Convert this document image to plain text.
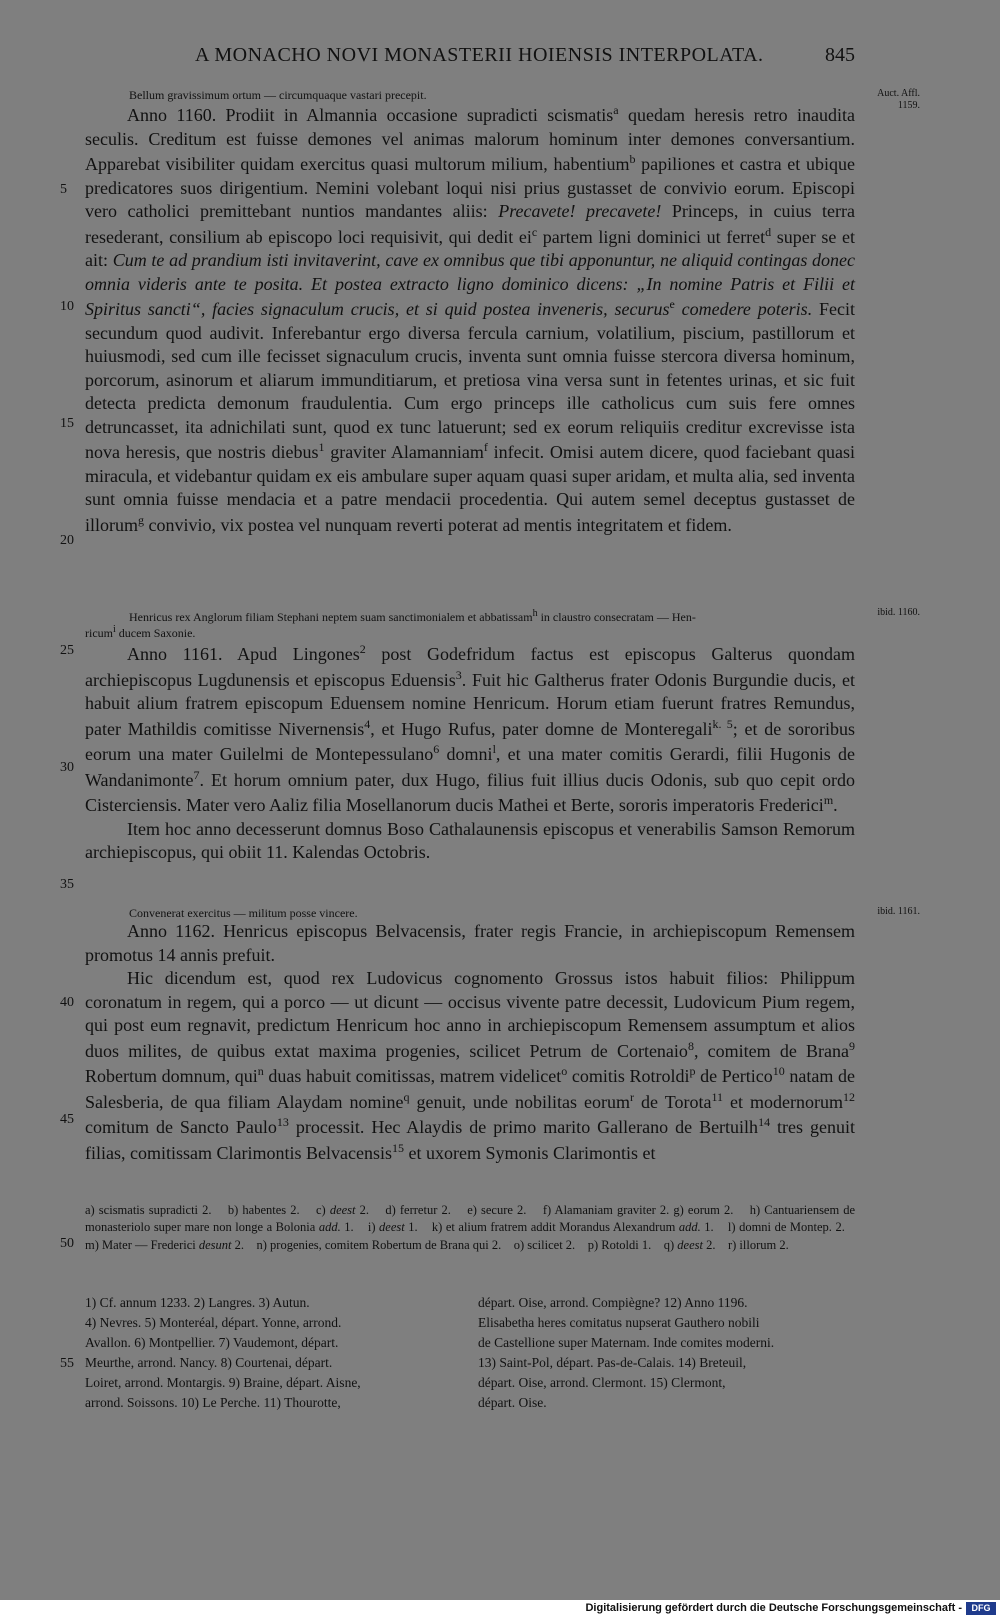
A MONACHO NOVI MONASTERII HOIENSIS INTERPOLATA.	845
Auct. Affl.
1159.
ibid. 1160.
ibid. 1161.
5
10
15
20
25
30
35
40
45
50
55
Bellum gravissimum ortum — circumquaque vastari precepit.

Anno 1160. Prodiit in Almannia occasione supradicti scismatis$^a$ quedam heresis retro inaudita seculis. Creditum est fuisse demones vel animas malorum hominum inter demones conversantium. Apparebat visibiliter quidam exercitus quasi multorum milium, habentium$^b$ papiliones et castra et ubique predicatores suos dirigentium. Nemini volebant loqui nisi prius gustasset de convivio eorum. Episcopi vero catholici premittebant nuntios mandantes aliis: Precavete! precavete! Princeps, in cuius terra resederant, consilium ab episcopo loci requisivit, qui dedit $ei^c$ partem ligni dominici ut ferret$^d$ super se et ait: Cum te ad prandium isti invitaverint, cave ex omnibus que tibi apponuntur, ne aliquid contingas donec omnia videris ante te posita. Et postea extracto ligno dominico dicens: „In nomine Patris et Filii et Spiritus sancti“, facies signaculum crucis, et si quid postea inveneris, securus$^e$ comedere poteris. Fecit secundum quod audivit. Inferebantur ergo diversa fercula carnium, volatilium, piscium, pastillorum et huiusmodi, sed cum ille fecisset signaculum crucis, inventa sunt omnia fuisse stercora diversa hominum, porcorum, asinorum et aliarum immunditiarum, et pretiosa vina versa sunt in fetentes urinas, et sic fuit detecta predicta demonum fraudulentia. Cum ergo princeps ille catholicus cum suis fere omnes detruncasset, ita adnichilati sunt, quod ex tunc latuerunt; sed ex eorum reliquiis creditur excrevisse ista nova heresis, que nostris diebus$^1$ graviter Alamanniam$^f$ infecit. Omisi autem dicere, quod faciebant quasi miracula, et videbantur quidam ex eis ambulare super aquam quasi super aridam, et multa alia, sed inventa sunt omnia fuisse mendacia et a patre mendacii procedentia. Qui autem semel deceptus gustasset de illorum$^g$ convivio, vix postea vel nunquam reverti poterat ad mentis integritatem et fidem.

Henricus rex Anglorum filiam Stephani neptem suam sanctimonialem et abbatissam$^h$ in claustro consecratam — Hen-
ricum$^i$ ducem Saxonie.

Anno 1161. Apud Lingones$^2$ post Godefridum factus est episcopus Galterus quondam archiepiscopus Lugdunensis et episcopus Eduensis$^3$. Fuit hic Galtherus frater Odonis Burgundie ducis, et habuit alium fratrem episcopum Eduensem nomine Henricum. Horum etiam fuerunt fratres Remundus, pater Mathildis comitisse Nivernensis$^4$, et Hugo Rufus, pater domne de Monteregali$^{k. 5}$; et de sororibus eorum una mater Guilelmi de Montepessulano$^6$ domni$^l$, et una mater comitis Gerardi, filii Hugonis de Wandanimonte$^7$. Et horum omnium pater, dux Hugo, filius fuit illius ducis Odonis, sub quo cepit ordo Cisterciensis. Mater vero Aaliz filia Mosellanorum ducis Mathei et Berte, sororis imperatoris Frederici$^m$.

Item hoc anno decesserunt domnus Boso Cathalaunensis episcopus et venerabilis Samson Remorum archiepiscopus, qui obiit 11. Kalendas Octobris.

Convenerat exercitus — militum posse vincere.

Anno 1162. Henricus episcopus Belvacensis, frater regis Francie, in archiepiscopum Remensem promotus 14 annis prefuit.

Hic dicendum est, quod rex Ludovicus cognomento Grossus istos habuit filios: Philippum coronatum in regem, qui a porco — ut dicunt — occisus vivente patre decessit, Ludovicum Pium regem, qui post eum regnavit, predictum Henricum hoc anno in archiepiscopum Remensem assumptum et alios duos milites, de quibus extat maxima progenies, scilicet Petrum de Cortenaio$^8$, comitem de Brana$^9$ Robertum domnum, qui$^n$ duas habuit comitissas, matrem videlicet$^o$ comitis Rotroldi$^p$ de Pertico$^{10}$ natam de Salesberia, de qua filiam Alaydam nomine$^q$ genuit, unde nobilitas eorum$^r$ de Torota$^{11}$ et modernorum$^{12}$ comitum de Sancto Paulo$^{13}$ processit. Hec Alaydis de primo marito Gallerano de Bertuilh$^{14}$ tres genuit filias, comitissam Clarimontis Belvacensis$^{15}$ et uxorem Symonis Clarimontis et

a) scismatis supradicti 2. b) habentes 2. c) deest 2. d) ferretur 2. e) secure 2. f) Alamaniam graviter 2. g) eorum 2. h) Cantuariensem de monasteriolo super mare non longe a Bolonia add. 1. i) deest 1. k) et alium fratrem addit Morandus Alexandrum add. 1. l) domni de Montep. 2.    m) Mater — Frederici desunt 2. n) progenies, comitem Robertum de Brana qui 2. o) scilicet 2. p) Rotoldi 1. q) deest 2. r) illorum 2.

1) Cf. annum 1233. 2) Langres. 3) Autun.

4) Nevres. 5) Monteréal, départ. Yonne, arrond.

Avallon. 6) Montpellier. 7) Vaudemont, départ.

Meurthe, arrond. Nancy. 8) Courtenai, départ.

Loiret, arrond. Montargis. 9) Braine, départ. Aisne,

arrond. Soissons. 10) Le Perche. 11) Thourotte,

départ. Oise, arrond. Compiègne? 12) Anno 1196.

Elisabetha heres comitatus nupserat Gauthero nobili

de Castellione super Maternam. Inde comites moderni.

13) Saint-Pol, départ. Pas-de-Calais. 14) Breteuil,

départ. Oise, arrond. Clermont. 15) Clermont,

départ. Oise.

Digitalisierung gefördert durch die Deutsche Forschungsgemeinschaft -	DFG
